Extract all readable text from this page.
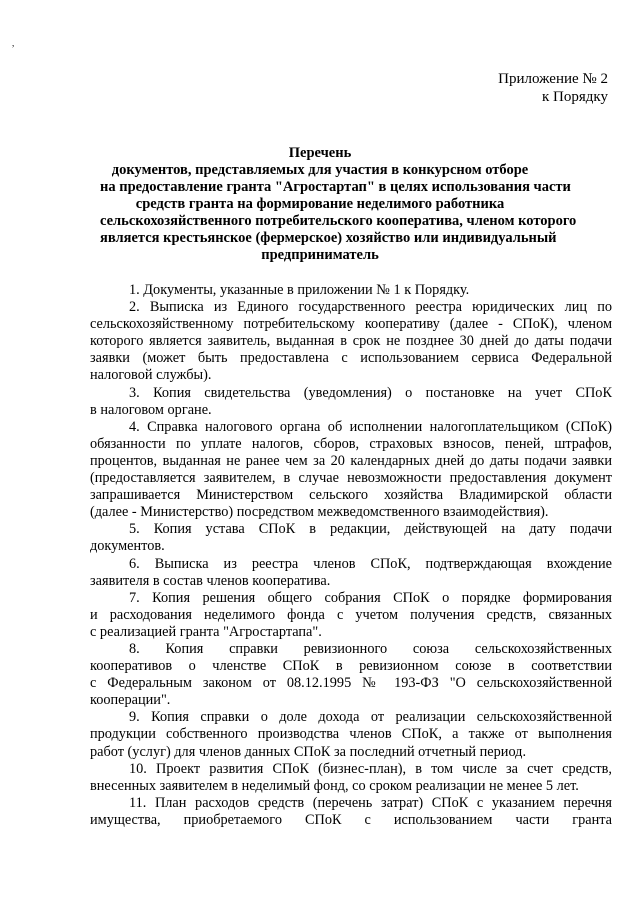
,
Приложение № 2
к Порядку
Перечень
документов, представляемых для участия в конкурсном отборе
на предоставление гранта "Агростартап" в целях использования части
средств гранта на формирование неделимого работника
сельскохозяйственного потребительского кооператива, членом которого
является крестьянское (фермерское) хозяйство или индивидуальный
предприниматель
1. Документы, указанные в приложении № 1 к Порядку.
2. Выписка из Единого государственного реестра юридических лиц по
сельскохозяйственному потребительскому кооперативу (далее - СПоК), членом
которого является заявитель, выданная в срок не позднее 30 дней до даты подачи
заявки (может быть предоставлена с использованием сервиса Федеральной
налоговой службы).
3. Копия свидетельства (уведомления) о постановке на учет СПоК
в налоговом органе.
4. Справка налогового органа об исполнении налогоплательщиком (СПоК)
обязанности по уплате налогов, сборов, страховых взносов, пеней, штрафов,
процентов, выданная не ранее чем за 20 календарных дней до даты подачи заявки
(предоставляется заявителем, в случае невозможности предоставления документ
запрашивается Министерством сельского хозяйства Владимирской области
(далее - Министерство) посредством межведомственного взаимодействия).
5. Копия устава СПоК в редакции, действующей на дату подачи
документов.
6. Выписка из реестра членов СПоК, подтверждающая вхождение
заявителя в состав членов кооператива.
7. Копия решения общего собрания СПоК о порядке формирования
и расходования неделимого фонда с учетом получения средств, связанных
с реализацией гранта "Агростартапа".
8. Копия справки ревизионного союза сельскохозяйственных
кооперативов о членстве СПоК в ревизионном союзе в соответствии
с Федеральным законом от 08.12.1995 № 193-ФЗ "О сельскохозяйственной
кооперации".
9. Копия справки о доле дохода от реализации сельскохозяйственной
продукции собственного производства членов СПоК, а также от выполнения
работ (услуг) для членов данных СПоК за последний отчетный период.
10. Проект развития СПоК (бизнес-план), в том числе за счет средств,
внесенных заявителем в неделимый фонд, со сроком реализации не менее 5 лет.
11. План расходов средств (перечень затрат) СПоК с указанием перечня
имущества, приобретаемого СПоК с использованием части гранта
